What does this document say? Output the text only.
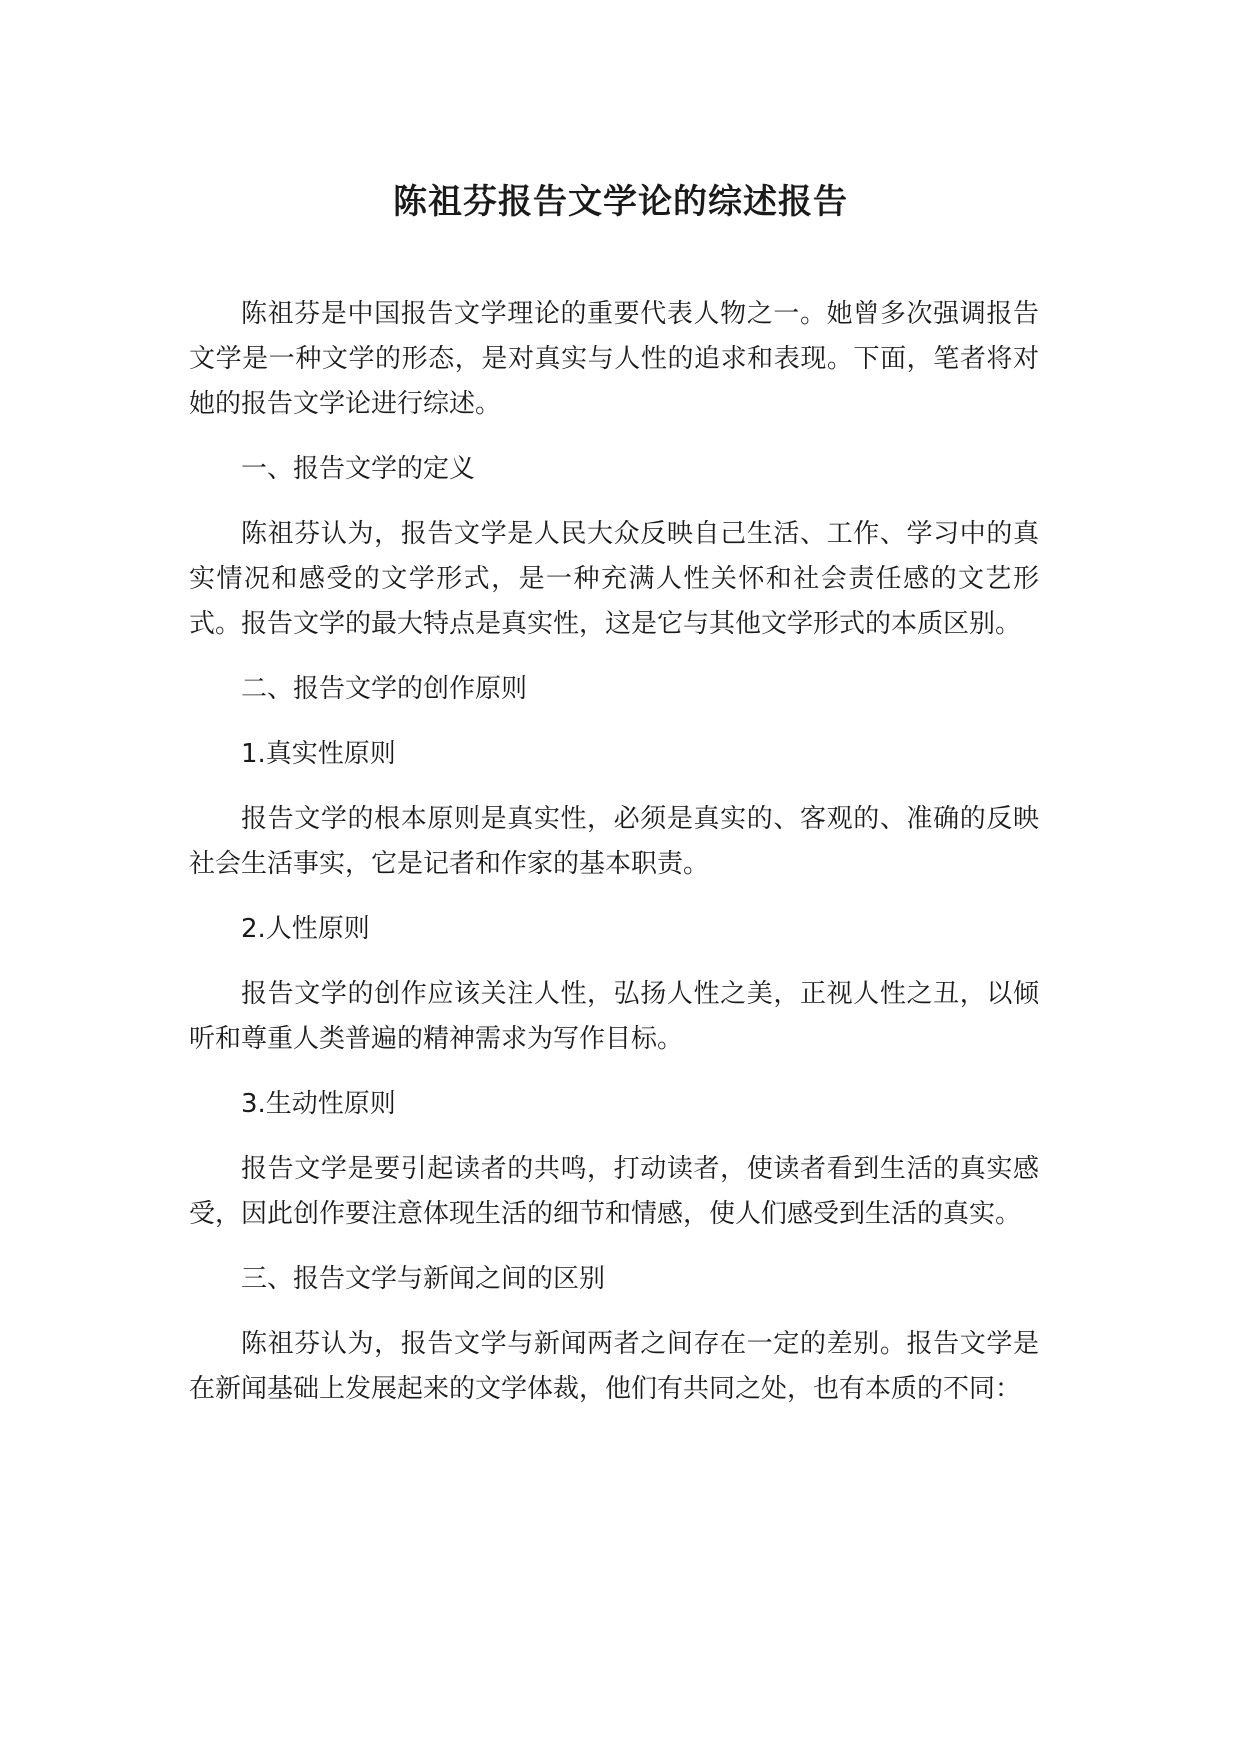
陈祖芬报告文学论的综述报告

陈祖芬是中国报告文学理论的重要代表人物之一。她曾多次强调报告文学是一种文学的形态，是对真实与人性的追求和表现。下面，笔者将对她的报告文学论进行综述。

一、报告文学的定义

陈祖芬认为，报告文学是人民大众反映自己生活、工作、学习中的真实情况和感受的文学形式，是一种充满人性关怀和社会责任感的文艺形式。报告文学的最大特点是真实性，这是它与其他文学形式的本质区别。

二、报告文学的创作原则

1.真实性原则

报告文学的根本原则是真实性，必须是真实的、客观的、准确的反映社会生活事实，它是记者和作家的基本职责。

2.人性原则

报告文学的创作应该关注人性，弘扬人性之美，正视人性之丑，以倾听和尊重人类普遍的精神需求为写作目标。

3.生动性原则

报告文学是要引起读者的共鸣，打动读者，使读者看到生活的真实感受，因此创作要注意体现生活的细节和情感，使人们感受到生活的真实。

三、报告文学与新闻之间的区别

陈祖芬认为，报告文学与新闻两者之间存在一定的差别。报告文学是在新闻基础上发展起来的文学体裁，他们有共同之处，也有本质的不同：
